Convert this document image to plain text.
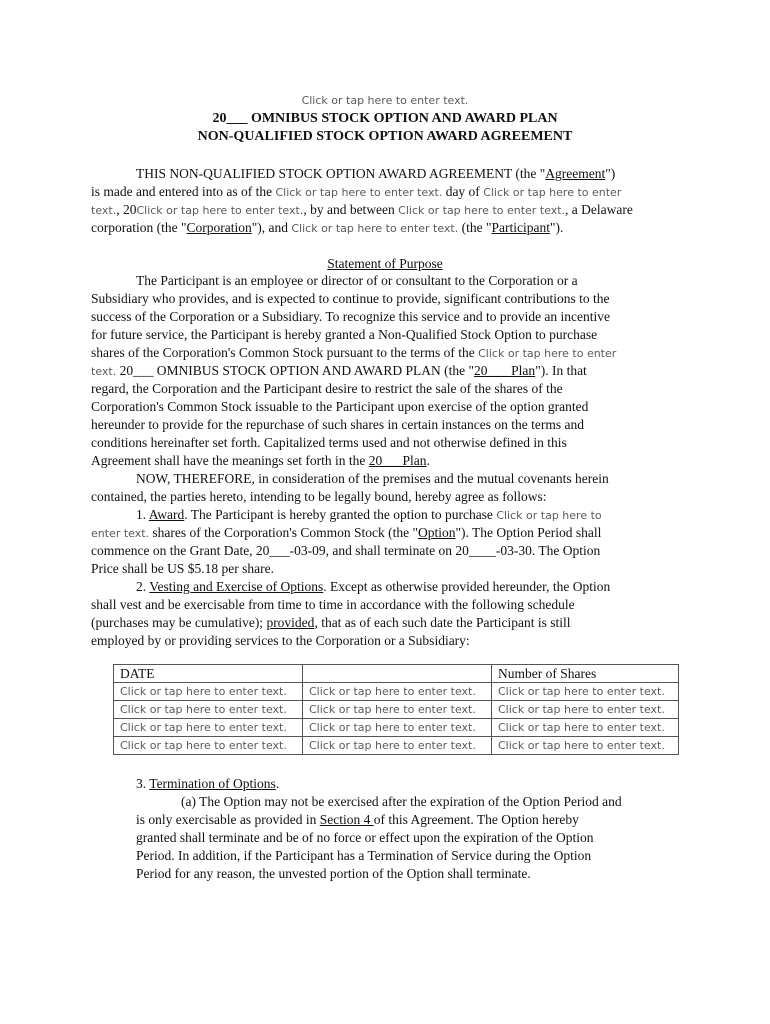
Click or tap here to enter text.
20___ OMNIBUS STOCK OPTION AND AWARD PLAN
NON-QUALIFIED STOCK OPTION AWARD AGREEMENT
THIS NON-QUALIFIED STOCK OPTION AWARD AGREEMENT (the "Agreement")
is made and entered into as of the Click or tap here to enter text. day of Click or tap here to enter
text., 20Click or tap here to enter text., by and between Click or tap here to enter text., a Delaware
corporation (the "Corporation"), and Click or tap here to enter text. (the "Participant").
Statement of Purpose
The Participant is an employee or director of or consultant to the Corporation or a
Subsidiary who provides, and is expected to continue to provide, significant contributions to the
success of the Corporation or a Subsidiary. To recognize this service and to provide an incentive
for future service, the Participant is hereby granted a Non-Qualified Stock Option to purchase
shares of the Corporation's Common Stock pursuant to the terms of the Click or tap here to enter
text. 20___ OMNIBUS STOCK OPTION AND AWARD PLAN (the "20___ Plan"). In that
regard, the Corporation and the Participant desire to restrict the sale of the shares of the
Corporation's Common Stock issuable to the Participant upon exercise of the option granted
hereunder to provide for the repurchase of such shares in certain instances on the terms and
conditions hereinafter set forth. Capitalized terms used and not otherwise defined in this
Agreement shall have the meanings set forth in the 20___Plan.
NOW, THEREFORE, in consideration of the premises and the mutual covenants herein
contained, the parties hereto, intending to be legally bound, hereby agree as follows:
1. Award. The Participant is hereby granted the option to purchase Click or tap here to
enter text. shares of the Corporation's Common Stock (the "Option"). The Option Period shall
commence on the Grant Date, 20___-03-09, and shall terminate on 20____-03-30. The Option
Price shall be US $5.18 per share.
2. Vesting and Exercise of Options. Except as otherwise provided hereunder, the Option
shall vest and be exercisable from time to time in accordance with the following schedule
(purchases may be cumulative); provided, that as of each such date the Participant is still
employed by or providing services to the Corporation or a Subsidiary:
DATE		Number of Shares
Click or tap here to enter text.	Click or tap here to enter text.	Click or tap here to enter text.
Click or tap here to enter text.	Click or tap here to enter text.	Click or tap here to enter text.
Click or tap here to enter text.	Click or tap here to enter text.	Click or tap here to enter text.
Click or tap here to enter text.	Click or tap here to enter text.	Click or tap here to enter text.
3. Termination of Options.
(a) The Option may not be exercised after the expiration of the Option Period and
is only exercisable as provided in Section 4 of this Agreement. The Option hereby
granted shall terminate and be of no force or effect upon the expiration of the Option
Period. In addition, if the Participant has a Termination of Service during the Option
Period for any reason, the unvested portion of the Option shall terminate.
